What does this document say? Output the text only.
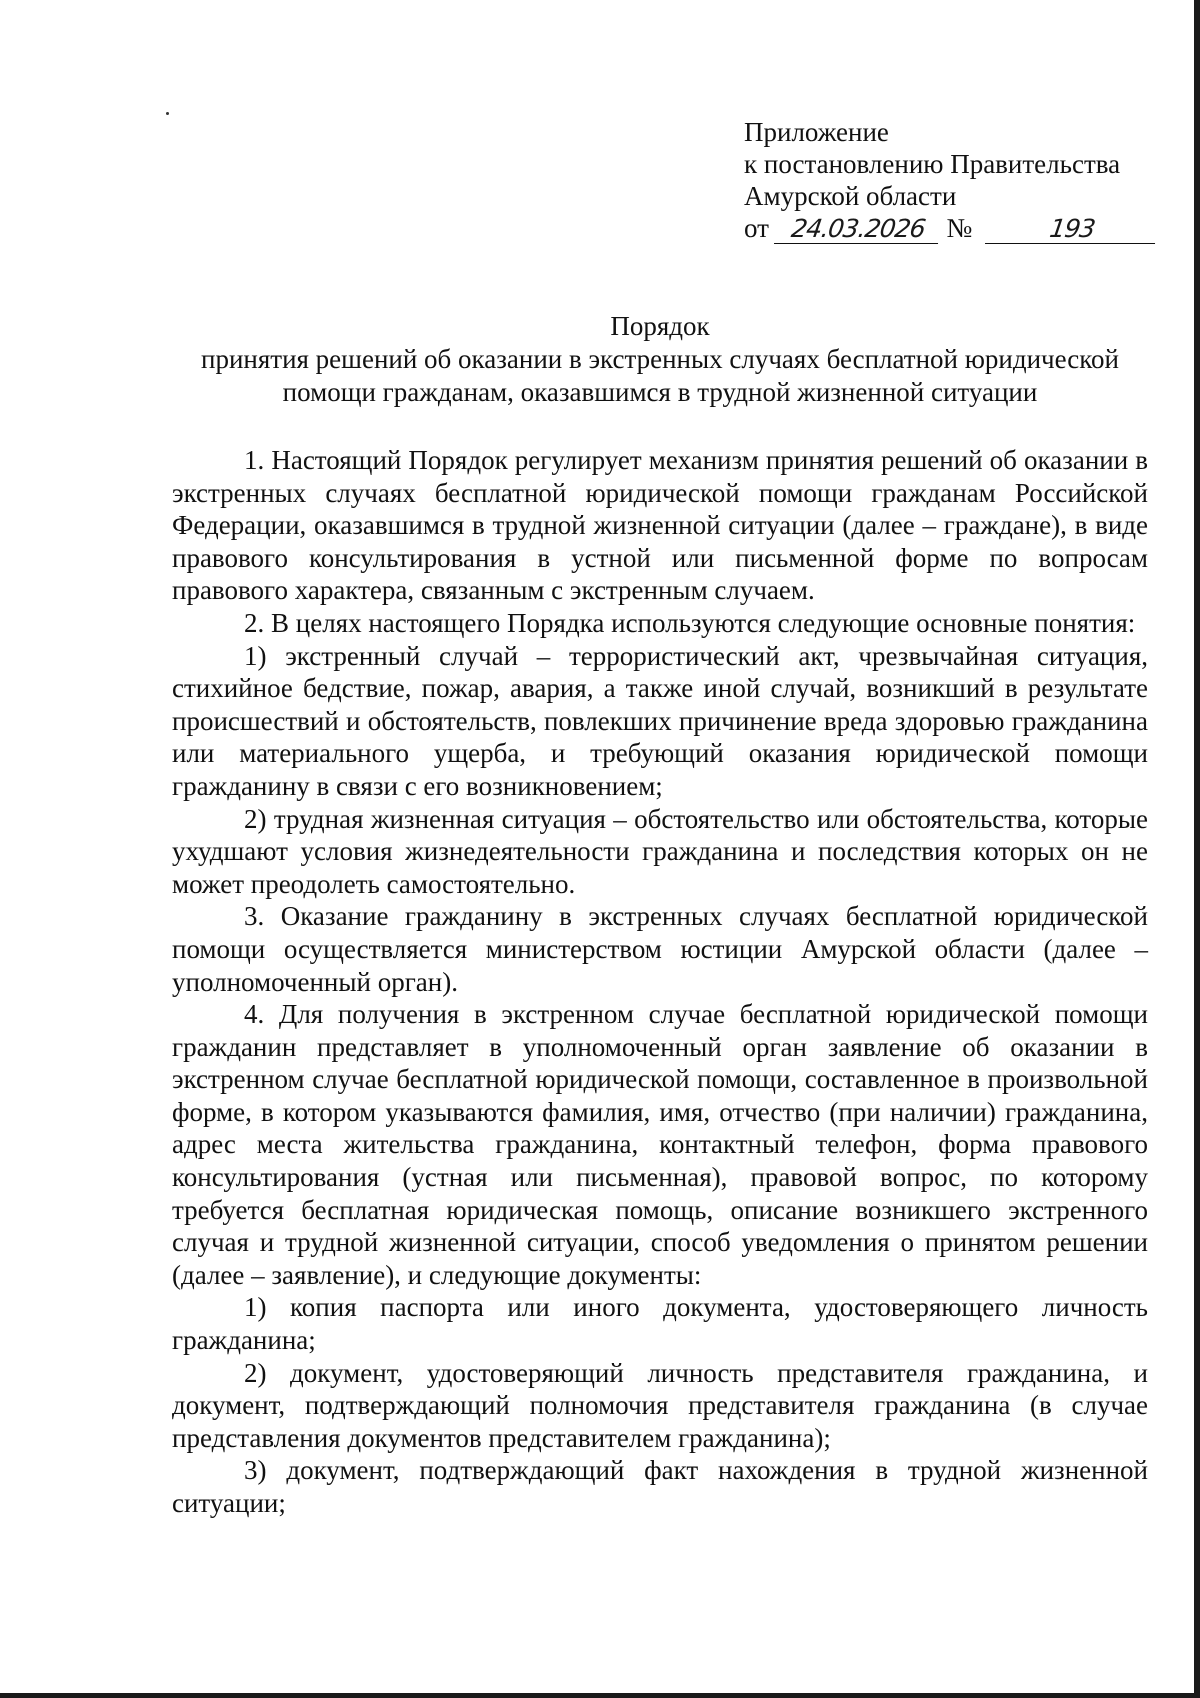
Приложение
к постановлению Правительства
Амурской области
от 24.03.2026 №	193
Порядок
принятия решений об оказании в экстренных случаях бесплатной юридической
помощи гражданам, оказавшимся в трудной жизненной ситуации

1. Настоящий Порядок регулирует механизм принятия решений об оказании в экстренных случаях бесплатной юридической помощи гражданам Российской Федерации, оказавшимся в трудной жизненной ситуации (далее – граждане), в виде правового консультирования в устной или письменной форме по вопросам правового характера, связанным с экстренным случаем.

2. В целях настоящего Порядка используются следующие основные понятия:

1) экстренный случай – террористический акт, чрезвычайная ситуация, стихийное бедствие, пожар, авария, а также иной случай, возникший в результате происшествий и обстоятельств, повлекших причинение вреда здоровью гражданина или материального ущерба, и требующий оказания юридической помощи гражданину в связи с его возникновением;

2) трудная жизненная ситуация – обстоятельство или обстоятельства, которые ухудшают условия жизнедеятельности гражданина и последствия которых он не может преодолеть самостоятельно.

3. Оказание гражданину в экстренных случаях бесплатной юридической помощи осуществляется министерством юстиции Амурской области (далее – уполномоченный орган).

4. Для получения в экстренном случае бесплатной юридической помощи гражданин представляет в уполномоченный орган заявление об оказании в экстренном случае бесплатной юридической помощи, составленное в произвольной форме, в котором указываются фамилия, имя, отчество (при наличии) гражданина, адрес места жительства гражданина, контактный телефон, форма правового консультирования (устная или письменная), правовой вопрос, по которому требуется бесплатная юридическая помощь, описание возникшего экстренного случая и трудной жизненной ситуации, способ уведомления о принятом решении (далее – заявление), и следующие документы:

1) копия паспорта или иного документа, удостоверяющего личность гражданина;

2) документ, удостоверяющий личность представителя гражданина, и документ, подтверждающий полномочия представителя гражданина (в случае представления документов представителем гражданина);

3) документ, подтверждающий факт нахождения в трудной жизненной ситуации;
